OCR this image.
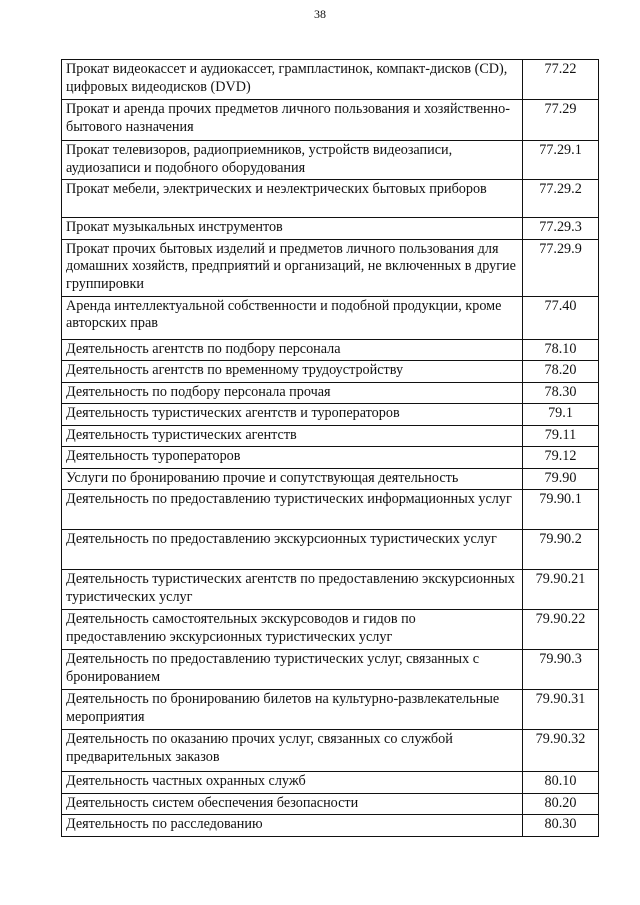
38
Прокат видеокассет и аудиокассет, грампластинок, компакт-дисков (CD), цифровых видеодисков (DVD)	77.22
Прокат и аренда прочих предметов личного пользования и хозяйственно-бытового назначения	77.29
Прокат телевизоров, радиоприемников, устройств видеозаписи, аудиозаписи и подобного оборудования	77.29.1
Прокат мебели, электрических и неэлектрических бытовых приборов	77.29.2
Прокат музыкальных инструментов	77.29.3
Прокат прочих бытовых изделий и предметов личного пользования для домашних хозяйств, предприятий и организаций, не включенных в другие группировки	77.29.9
Аренда интеллектуальной собственности и подобной продукции, кроме авторских прав	77.40
Деятельность агентств по подбору персонала	78.10
Деятельность агентств по временному трудоустройству	78.20
Деятельность по подбору персонала прочая	78.30
Деятельность туристических агентств и туроператоров	79.1
Деятельность туристических агентств	79.11
Деятельность туроператоров	79.12
Услуги по бронированию прочие и сопутствующая деятельность	79.90
Деятельность по предоставлению туристических информационных услуг	79.90.1
Деятельность по предоставлению экскурсионных туристических услуг	79.90.2
Деятельность туристических агентств по предоставлению экскурсионных туристических услуг	79.90.21
Деятельность самостоятельных экскурсоводов и гидов по предоставлению экскурсионных туристических услуг	79.90.22
Деятельность по предоставлению туристических услуг, связанных с бронированием	79.90.3
Деятельность по бронированию билетов на культурно-развлекательные мероприятия	79.90.31
Деятельность по оказанию прочих услуг, связанных со службой предварительных заказов	79.90.32
Деятельность частных охранных служб	80.10
Деятельность систем обеспечения безопасности	80.20
Деятельность по расследованию	80.30
